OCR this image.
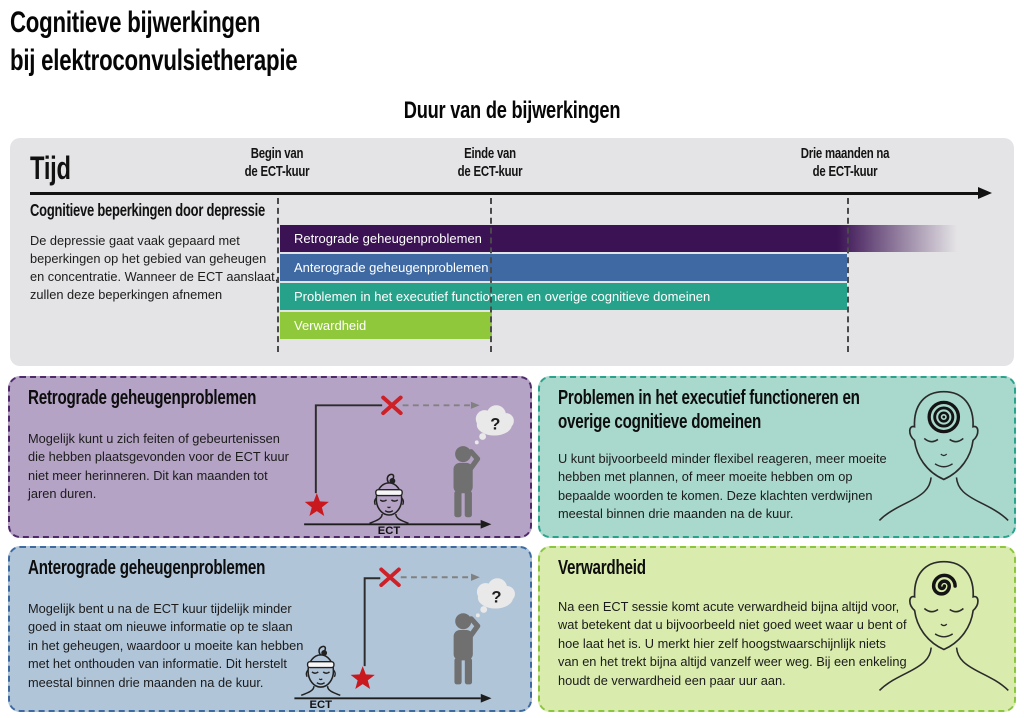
Cognitieve bijwerkingen
bij elektroconvulsietherapie
Duur van de bijwerkingen
Tijd	Begin van
de ECT-kuur
Einde van
de ECT-kuur
Drie maanden na
de ECT-kuur
Cognitieve beperkingen door depressie

De depressie gaat vaak gepaard met beperkingen op het gebied van geheugen en concentratie. Wanneer de ECT aanslaat, zullen deze beperkingen afnemen

Retrograde geheugenproblemen
Anterograde geheugenproblemen
Problemen in het executief functioneren en overige cognitieve domeinen
Verwardheid
ECT
?
Retrograde geheugenproblemen

Mogelijk kunt u zich feiten of gebeurtenissen die hebben plaatsgevonden voor de ECT kuur niet meer herinneren. Dit kan maanden tot jaren duren.

Problemen in het executief functioneren en overige cognitieve domeinen

U kunt bijvoorbeeld minder flexibel reageren, meer moeite hebben met plannen, of meer moeite hebben om op bepaalde woorden te komen. Deze klachten verdwijnen meestal binnen drie maanden na de kuur.

ECT
?
Anterograde geheugenproblemen

Mogelijk bent u na de ECT kuur tijdelijk minder goed in staat om nieuwe informatie op te slaan in het geheugen, waardoor u moeite kan hebben met het onthouden van informatie. Dit herstelt meestal binnen drie maanden na de kuur.

Verwardheid

Na een ECT sessie komt acute verwardheid bijna altijd voor, wat betekent dat u bijvoorbeeld niet goed weet waar u bent of hoe laat het is. U merkt hier zelf hoogstwaarschijnlijk niets van en het trekt bijna altijd vanzelf weer weg. Bij een enkeling houdt de verwardheid een paar uur aan.
